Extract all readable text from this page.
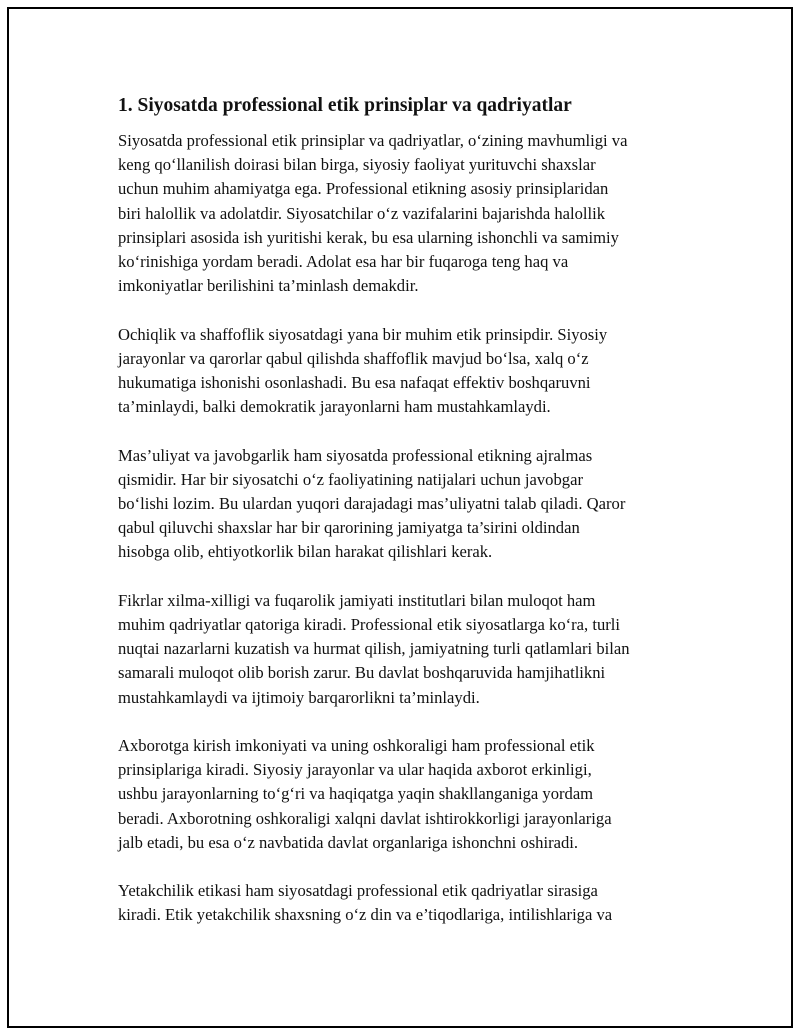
1. Siyosatda professional etik prinsiplar va qadriyatlar
Siyosatda professional etik prinsiplar va qadriyatlar, o‘zining mavhumligi va
keng qo‘llanilish doirasi bilan birga, siyosiy faoliyat yurituvchi shaxslar
uchun muhim ahamiyatga ega. Professional etikning asosiy prinsiplaridan
biri halollik va adolatdir. Siyosatchilar o‘z vazifalarini bajarishda halollik
prinsiplari asosida ish yuritishi kerak, bu esa ularning ishonchli va samimiy
ko‘rinishiga yordam beradi. Adolat esa har bir fuqaroga teng haq va
imkoniyatlar berilishini ta’minlash demakdir.
Ochiqlik va shaffoflik siyosatdagi yana bir muhim etik prinsipdir. Siyosiy
jarayonlar va qarorlar qabul qilishda shaffoflik mavjud bo‘lsa, xalq o‘z
hukumatiga ishonishi osonlashadi. Bu esa nafaqat effektiv boshqaruvni
ta’minlaydi, balki demokratik jarayonlarni ham mustahkamlaydi.
Mas’uliyat va javobgarlik ham siyosatda professional etikning ajralmas
qismidir. Har bir siyosatchi o‘z faoliyatining natijalari uchun javobgar
bo‘lishi lozim. Bu ulardan yuqori darajadagi mas’uliyatni talab qiladi. Qaror
qabul qiluvchi shaxslar har bir qarorining jamiyatga ta’sirini oldindan
hisobga olib, ehtiyotkorlik bilan harakat qilishlari kerak.
Fikrlar xilma-xilligi va fuqarolik jamiyati institutlari bilan muloqot ham
muhim qadriyatlar qatoriga kiradi. Professional etik siyosatlarga ko‘ra, turli
nuqtai nazarlarni kuzatish va hurmat qilish, jamiyatning turli qatlamlari bilan
samarali muloqot olib borish zarur. Bu davlat boshqaruvida hamjihatlikni
mustahkamlaydi va ijtimoiy barqarorlikni ta’minlaydi.
Axborotga kirish imkoniyati va uning oshkoraligi ham professional etik
prinsiplariga kiradi. Siyosiy jarayonlar va ular haqida axborot erkinligi,
ushbu jarayonlarning to‘g‘ri va haqiqatga yaqin shakllanganiga yordam
beradi. Axborotning oshkoraligi xalqni davlat ishtirokkorligi jarayonlariga
jalb etadi, bu esa o‘z navbatida davlat organlariga ishonchni oshiradi.
Yetakchilik etikasi ham siyosatdagi professional etik qadriyatlar sirasiga
kiradi. Etik yetakchilik shaxsning o‘z din va e’tiqodlariga, intilishlariga va
